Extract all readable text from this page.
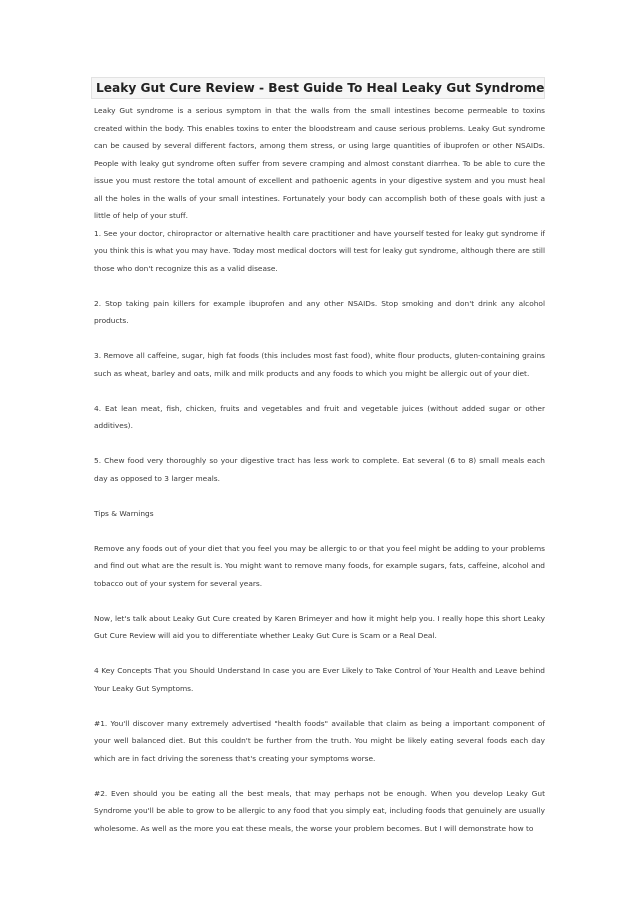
Leaky Gut Cure Review - Best Guide To Heal Leaky Gut Syndrome

Leaky Gut syndrome is a serious symptom in that the walls from the small intestines become permeable to toxins created within the body. This enables toxins to enter the bloodstream and cause serious problems. Leaky Gut syndrome can be caused by several different factors, among them stress, or using large quantities of ibuprofen or other NSAIDs. People with leaky gut syndrome often suffer from severe cramping and almost constant diarrhea. To be able to cure the issue you must restore the total amount of excellent and pathoenic agents in your digestive system and you must heal all the holes in the walls of your small intestines. Fortunately your body can accomplish both of these goals with just a little of help of your stuff.

1. See your doctor, chiropractor or alternative health care practitioner and have yourself tested for leaky gut syndrome if you think this is what you may have. Today most medical doctors will test for leaky gut syndrome, although there are still those who don't recognize this as a valid disease.

2. Stop taking pain killers for example ibuprofen and any other NSAIDs. Stop smoking and don't drink any alcohol products.

3. Remove all caffeine, sugar, high fat foods (this includes most fast food), white flour products, gluten-containing grains such as wheat, barley and oats, milk and milk products and any foods to which you might be allergic out of your diet.

4. Eat lean meat, fish, chicken, fruits and vegetables and fruit and vegetable juices (without added sugar or other additives).

5. Chew food very thoroughly so your digestive tract has less work to complete. Eat several (6 to 8) small meals each day as opposed to 3 larger meals.

Tips & Warnings

Remove any foods out of your diet that you feel you may be allergic to or that you feel might be adding to your problems and find out what are the result is. You might want to remove many foods, for example sugars, fats, caffeine, alcohol and tobacco out of your system for several years.

Now, let's talk about Leaky Gut Cure created by Karen Brimeyer and how it might help you. I really hope this short Leaky Gut Cure Review will aid you to differentiate whether Leaky Gut Cure is Scam or a Real Deal.

4 Key Concepts That you Should Understand In case you are Ever Likely to Take Control of Your Health and Leave behind Your Leaky Gut Symptoms.

#1. You'll discover many extremely advertised "health foods" available that claim as being a important component of your well balanced diet. But this couldn't be further from the truth. You might be likely eating several foods each day which are in fact driving the soreness that's creating your symptoms worse.

#2. Even should you be eating all the best meals, that may perhaps not be enough. When you develop Leaky Gut Syndrome you'll be able to grow to be allergic to any food that you simply eat, including foods that genuinely are usually wholesome. As well as the more you eat these meals, the worse your problem becomes. But I will demonstrate how to
